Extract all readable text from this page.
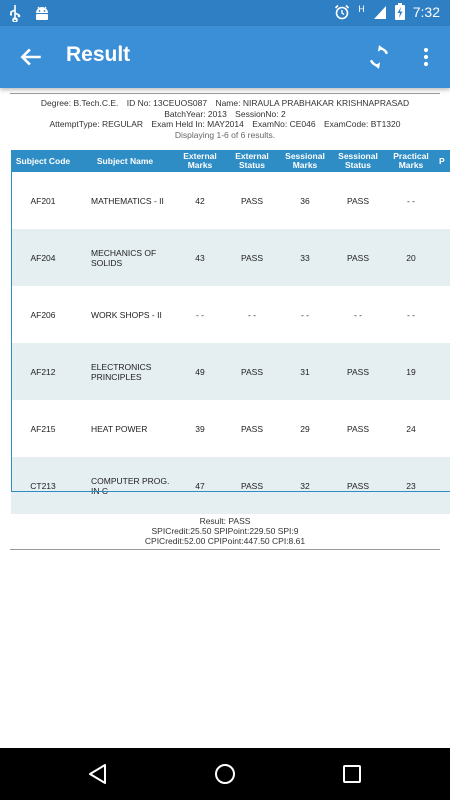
H	7:32
Result
Degree: B.Tech.C.E. ID No: 13CEUOS087 Name: NIRAULA PRABHAKAR KRISHNAPRASAD
BatchYear: 2013 SessionNo: 2
AttemptType: REGULAR Exam Held In: MAY2014 ExamNo: CE046 ExamCode: BT1320
Displaying 1-6 of 6 results.
Subject Code	Subject Name	External Marks	External Status	Sessional Marks	Sessional Status	Practical Marks	P
AF201	MATHEMATICS - II	42	PASS	36	PASS	- -	
AF204	MECHANICS OF SOLIDS	43	PASS	33	PASS	20	
AF206	WORK SHOPS - II	- -	- -	- -	- -	- -	
AF212	ELECTRONICS PRINCIPLES	49	PASS	31	PASS	19	
AF215	HEAT POWER	39	PASS	29	PASS	24	
CT213	COMPUTER PROG. IN C	47	PASS	32	PASS	23	
Result: PASS
SPICredit:25.50 SPIPoint:229.50 SPI:9
CPICredit:52.00 CPIPoint:447.50 CPI:8.61
